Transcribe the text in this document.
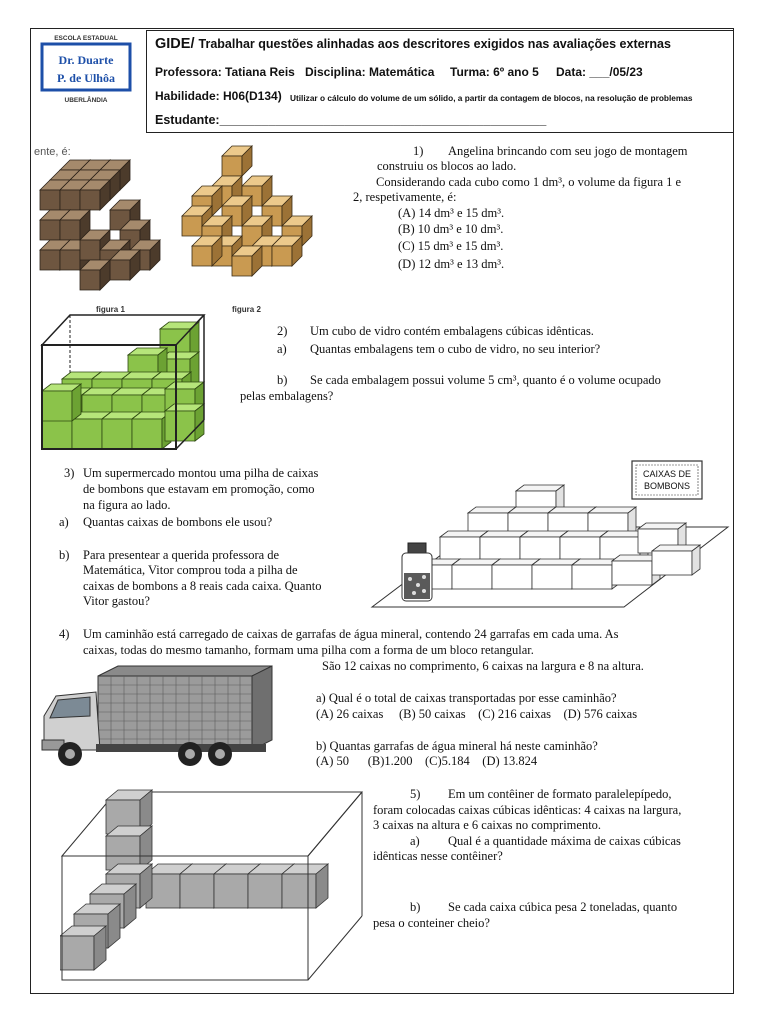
ESCOLA ESTADUAL
Dr. Duarte
P. de Ulhôa
UBERLÂNDIA
GIDE/ Trabalhar questões alinhadas aos descritores exigidos nas avaliações externas
Professora: Tatiana Reis Disciplina: Matemática Turma: 6º ano 5 Data: ___/05/23
Habilidade: H06(D134) Utilizar o cálculo do volume de um sólido, a partir da contagem de blocos, na resolução de problemas
Estudante:_______________________________________________
ente, é:
figura 1	figura 2
1) Angelina brincando com seu jogo de montagem
construiu os blocos ao lado.
Considerando cada cubo como 1 dm³, o volume da figura 1 e
2, respetivamente, é:
(A) 14 dm³ e 15 dm³.
(B) 10 dm³ e 10 dm³.
(C) 15 dm³ e 15 dm³.
(D) 12 dm³ e 13 dm³.
2) Um cubo de vidro contém embalagens cúbicas idênticas.
a) Quantas embalagens tem o cubo de vidro, no seu interior?
b) Se cada embalagem possui volume 5 cm³, quanto é o volume ocupado
pelas embalagens?
3) Um supermercado montou uma pilha de caixas
de bombons que estavam em promoção, como
na figura ao lado.
a) Quantas caixas de bombons ele usou?
b) Para presentear a querida professora de
Matemática, Vitor comprou toda a pilha de
caixas de bombons a 8 reais cada caixa. Quanto
Vitor gastou?
CAIXAS DE
BOMBONS
4) Um caminhão está carregado de caixas de garrafas de água mineral, contendo 24 garrafas em cada uma. As
caixas, todas do mesmo tamanho, formam uma pilha com a forma de um bloco retangular.
São 12 caixas no comprimento, 6 caixas na largura e 8 na altura.
a) Qual é o total de caixas transportadas por esse caminhão?
(A) 26 caixas     (B) 50 caixas    (C) 216 caixas    (D) 576 caixas
b) Quantas garrafas de água mineral há neste caminhão?
(A) 50      (B)1.200    (C)5.184    (D) 13.824
5) Em um contêiner de formato paralelepípedo,
foram colocadas caixas cúbicas idênticas: 4 caixas na largura,
3 caixas na altura e 6 caixas no comprimento.
a) Qual é a quantidade máxima de caixas cúbicas
idênticas nesse contêiner?
b) Se cada caixa cúbica pesa 2 toneladas, quanto
pesa o conteiner cheio?
